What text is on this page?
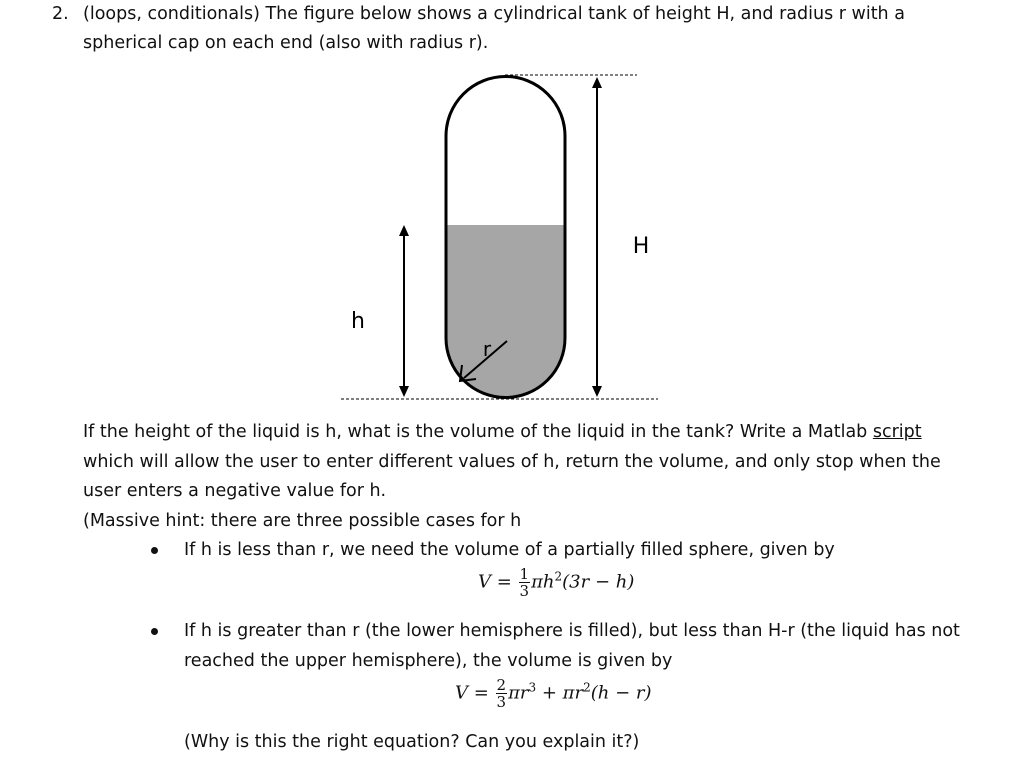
2. (loops, conditionals) The figure below shows a cylindrical tank of height H, and radius r with a
spherical cap on each end (also with radius r).
H
h
r
If the height of the liquid is h, what is the volume of the liquid in the tank? Write a Matlab script
which will allow the user to enter different values of h, return the volume, and only stop when the
user enters a negative value for h.
(Massive hint: there are three possible cases for h
If h is less than r, we need the volume of a partially filled sphere, given by
$V = \frac{1}{3} \pi h^2(3r - h)$
If h is greater than r (the lower hemisphere is filled), but less than H-r (the liquid has not
reached the upper hemisphere), the volume is given by
$V = \frac{2}{3} \pi r^3 + \pi r^2(h - r)$
(Why is this the right equation? Can you explain it?)
